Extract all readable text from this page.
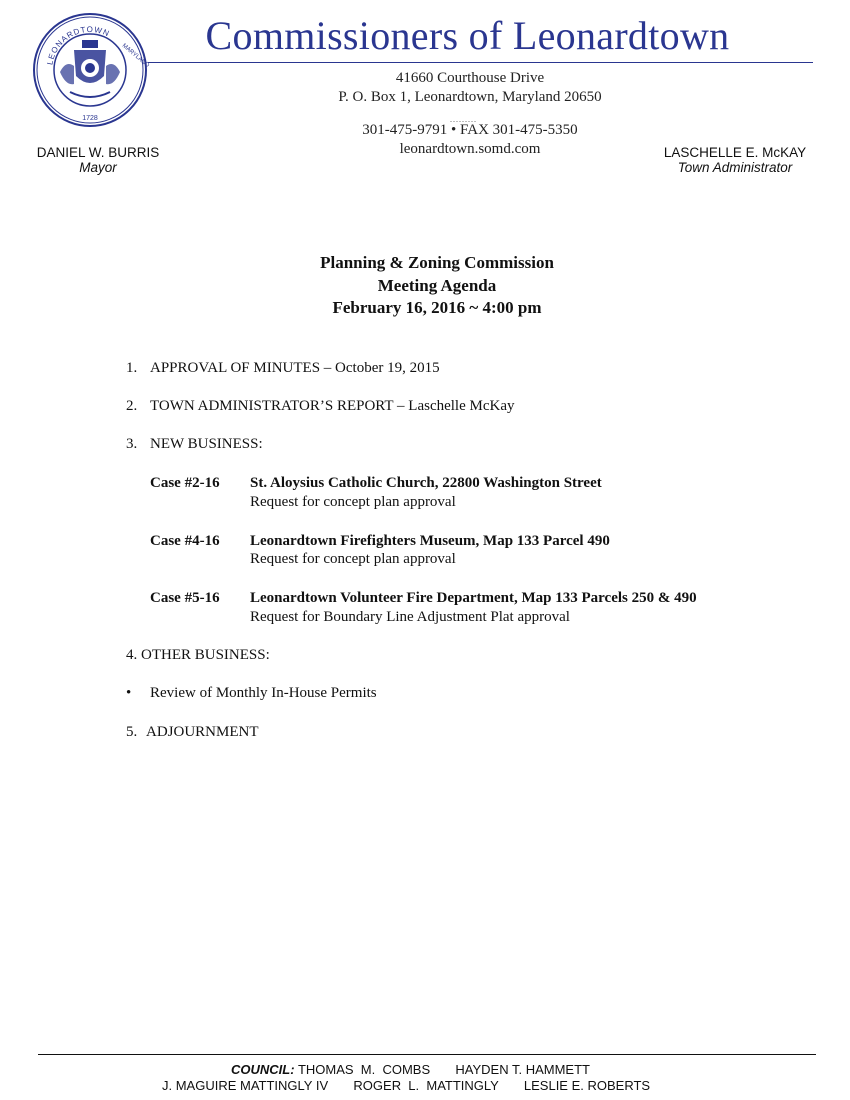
LEONARDTOWN
MARYLAND
1728
Commissioners of Leonardtown
41660 Courthouse Drive
P. O. Box 1, Leonardtown, Maryland 20650
.........
301-475-9791 • FAX 301-475-5350
leonardtown.somd.com
DANIEL W. BURRIS
Mayor
LASCHELLE E. McKAY
Town Administrator
Planning & Zoning Commission
Meeting Agenda
February 16, 2016 ~ 4:00 pm
1. APPROVAL OF MINUTES – October 19, 2015
2. TOWN ADMINISTRATOR’S REPORT – Laschelle McKay
3. NEW BUSINESS:
Case #2-16 St. Aloysius Catholic Church, 22800 Washington Street
Request for concept plan approval
Case #4-16 Leonardtown Firefighters Museum, Map 133 Parcel 490
Request for concept plan approval
Case #5-16 Leonardtown Volunteer Fire Department, Map 133 Parcels 250 & 490
Request for Boundary Line Adjustment Plat approval
4. OTHER BUSINESS:
• Review of Monthly In-House Permits
5. ADJOURNMENT
COUNCIL: THOMAS  M.  COMBS       HAYDEN T. HAMMETT
J. MAGUIRE MATTINGLY IV       ROGER  L.  MATTINGLY       LESLIE E. ROBERTS
